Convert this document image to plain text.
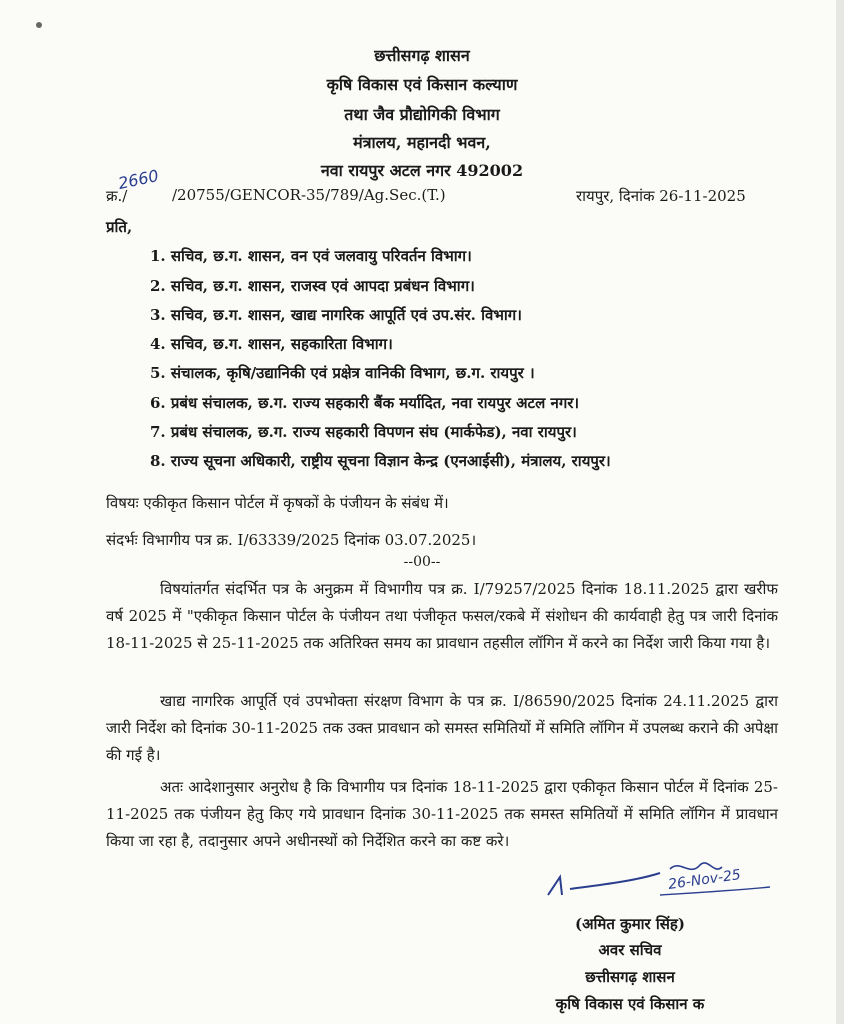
छत्तीसगढ़ शासन
कृषि विकास एवं किसान कल्याण
तथा जैव प्रौद्योगिकी विभाग
मंत्रालय, महानदी भवन,
नवा रायपुर अटल नगर 492002
क्र./
2660
/20755/GENCOR-35/789/Ag.Sec.(T.)	रायपुर, दिनांक 26-11-2025
प्रति,
1. सचिव, छ.ग. शासन, वन एवं जलवायु परिवर्तन विभाग।
2. सचिव, छ.ग. शासन, राजस्व एवं आपदा प्रबंधन विभाग।
3. सचिव, छ.ग. शासन, खाद्य नागरिक आपूर्ति एवं उप.संर. विभाग।
4. सचिव, छ.ग. शासन, सहकारिता विभाग।
5. संचालक, कृषि/उद्यानिकी एवं प्रक्षेत्र वानिकी विभाग, छ.ग. रायपुर ।
6. प्रबंध संचालक, छ.ग. राज्य सहकारी बैंक मर्यादित, नवा रायपुर अटल नगर।
7. प्रबंध संचालक, छ.ग. राज्य सहकारी विपणन संघ (मार्कफेड), नवा रायपुर।
8. राज्य सूचना अधिकारी, राष्ट्रीय सूचना विज्ञान केन्द्र (एनआईसी), मंत्रालय, रायपुर।
विषयः एकीकृत किसान पोर्टल में कृषकों के पंजीयन के संबंध में।
संदर्भः विभागीय पत्र क्र. I/63339/2025 दिनांक 03.07.2025।
--00--
विषयांतर्गत संदर्भित पत्र के अनुक्रम में विभागीय पत्र क्र. I/79257/2025 दिनांक 18.11.2025 द्वारा खरीफ वर्ष 2025 में "एकीकृत किसान पोर्टल के पंजीयन तथा पंजीकृत फसल/रकबे में संशोधन की कार्यवाही हेतु पत्र जारी दिनांक 18-11-2025 से 25-11-2025 तक अतिरिक्त समय का प्रावधान तहसील लॉगिन में करने का निर्देश जारी किया गया है।
खाद्य नागरिक आपूर्ति एवं उपभोक्ता संरक्षण विभाग के पत्र क्र. I/86590/2025 दिनांक 24.11.2025 द्वारा जारी निर्देश को दिनांक 30-11-2025 तक उक्त प्रावधान को समस्त समितियों में समिति लॉगिन में उपलब्ध कराने की अपेक्षा की गई है।
अतः आदेशानुसार अनुरोध है कि विभागीय पत्र दिनांक 18-11-2025 द्वारा एकीकृत किसान पोर्टल में दिनांक 25-11-2025 तक पंजीयन हेतु किए गये प्रावधान दिनांक 30-11-2025 तक समस्त समितियों में समिति लॉगिन में प्रावधान किया जा रहा है, तदानुसार अपने अधीनस्थों को निर्देशित करने का कष्ट करे।
26-Nov-25
(अमित कुमार सिंह)
अवर सचिव
छत्तीसगढ़ शासन
कृषि विकास एवं किसान क
